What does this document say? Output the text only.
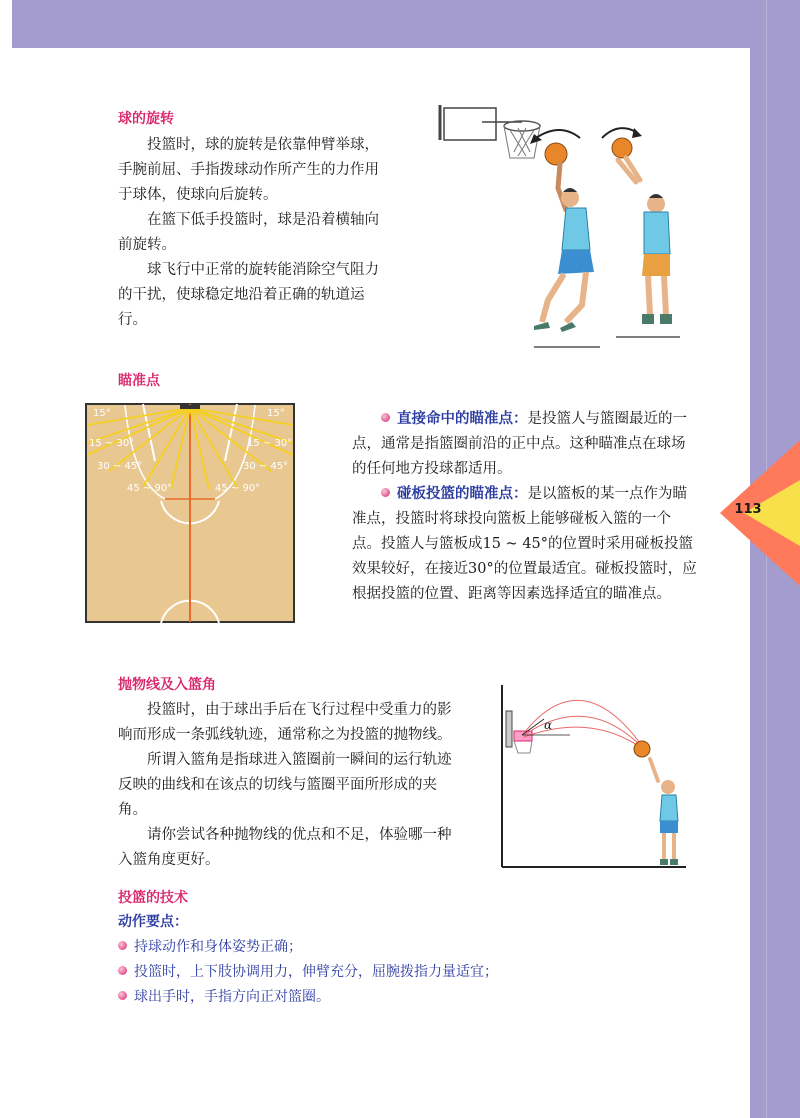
113
球的旋转

投篮时，球的旋转是依靠伸臂举球，手腕前屈、手指拨球动作所产生的力作用于球体，使球向后旋转。

在篮下低手投篮时，球是沿着横轴向前旋转。

球飞行中正常的旋转能消除空气阻力的干扰，使球稳定地沿着正确的轨道运行。

瞄准点
15°	15°
15 ~ 30°	15 ~ 30°
30 ~ 45°	30 ~ 45°
45 ~ 90°	45 ~ 90°

直接命中的瞄准点：是投篮人与篮圈最近的一点，通常是指篮圈前沿的正中点。这种瞄准点在球场的任何地方投球都适用。

碰板投篮的瞄准点：是以篮板的某一点作为瞄准点，投篮时将球投向篮板上能够碰板入篮的一个点。投篮人与篮板成15 ~ 45°的位置时采用碰板投篮效果较好，在接近30°的位置最适宜。碰板投篮时，应根据投篮的位置、距离等因素选择适宜的瞄准点。

抛物线及入篮角

投篮时，由于球出手后在飞行过程中受重力的影响而形成一条弧线轨迹，通常称之为投篮的抛物线。

所谓入篮角是指球进入篮圈前一瞬间的运行轨迹反映的曲线和在该点的切线与篮圈平面所形成的夹角。

请你尝试各种抛物线的优点和不足，体验哪一种入篮角度更好。

α
投篮的技术
动作要点：
持球动作和身体姿势正确；
投篮时，上下肢协调用力，伸臂充分，屈腕拨指力量适宜；
球出手时，手指方向正对篮圈。
